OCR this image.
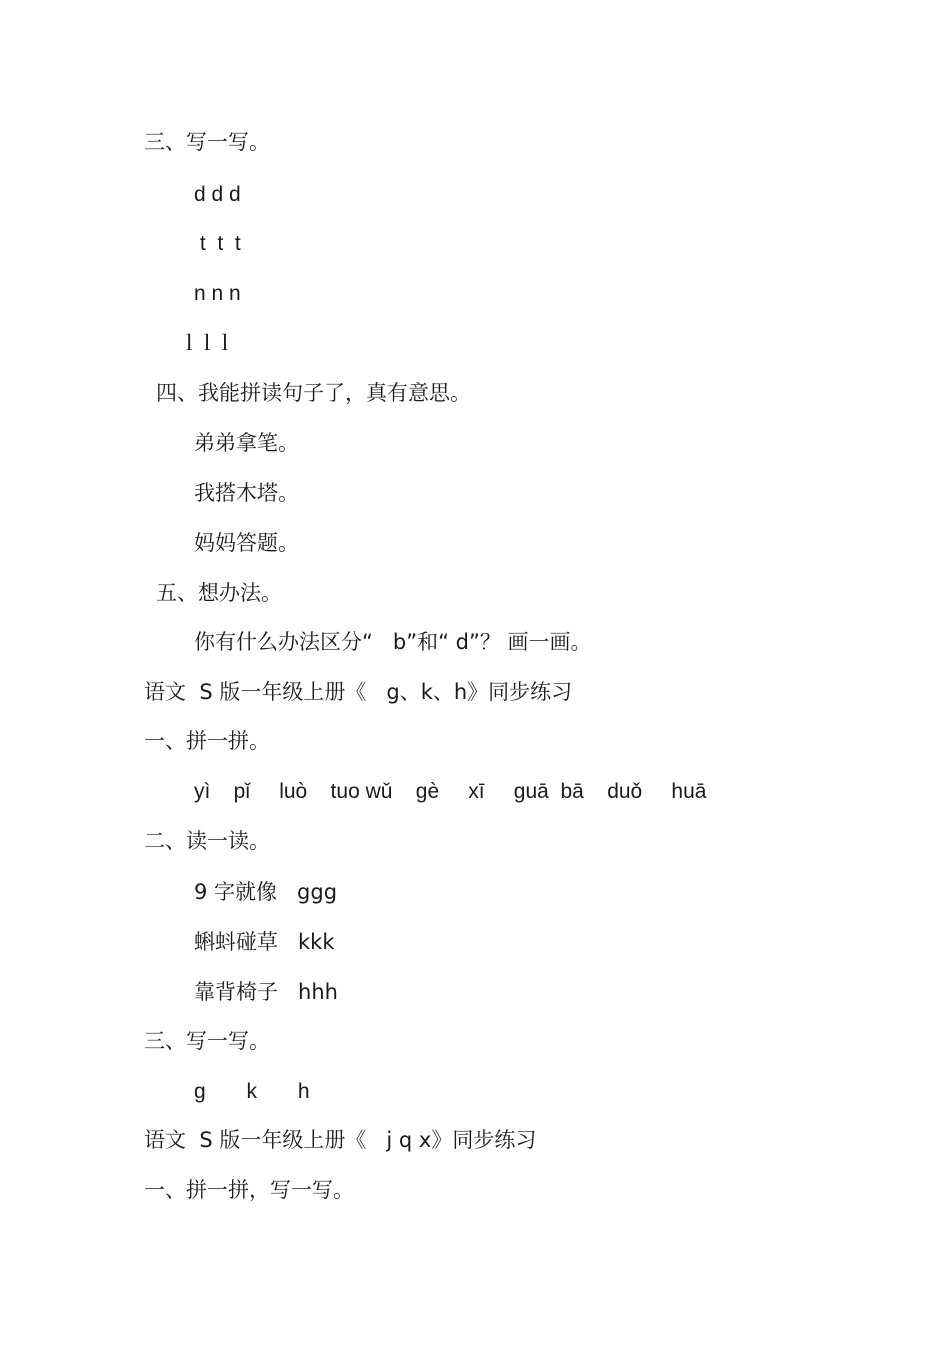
三、写一写。
d d d
t  t  t
n n n
l  l  l
四、我能拼读句子了，真有意思。
弟弟拿笔。
我搭木塔。
妈妈答题。
五、想办法。
你有什么办法区分“   b”和“ d”？ 画一画。
语文  S 版一年级上册《   g、k、h》同步练习
一、拼一拼。
yì    pǐ     luò    tuo wǔ    gè     xī     guā  bā    duǒ     huā
二、读一读。
9 字就像   ggg
蝌蚪碰草   kkk
靠背椅子   hhh
三、写一写。
g       k       h
语文  S 版一年级上册《   j q x》同步练习
一、拼一拼，写一写。
